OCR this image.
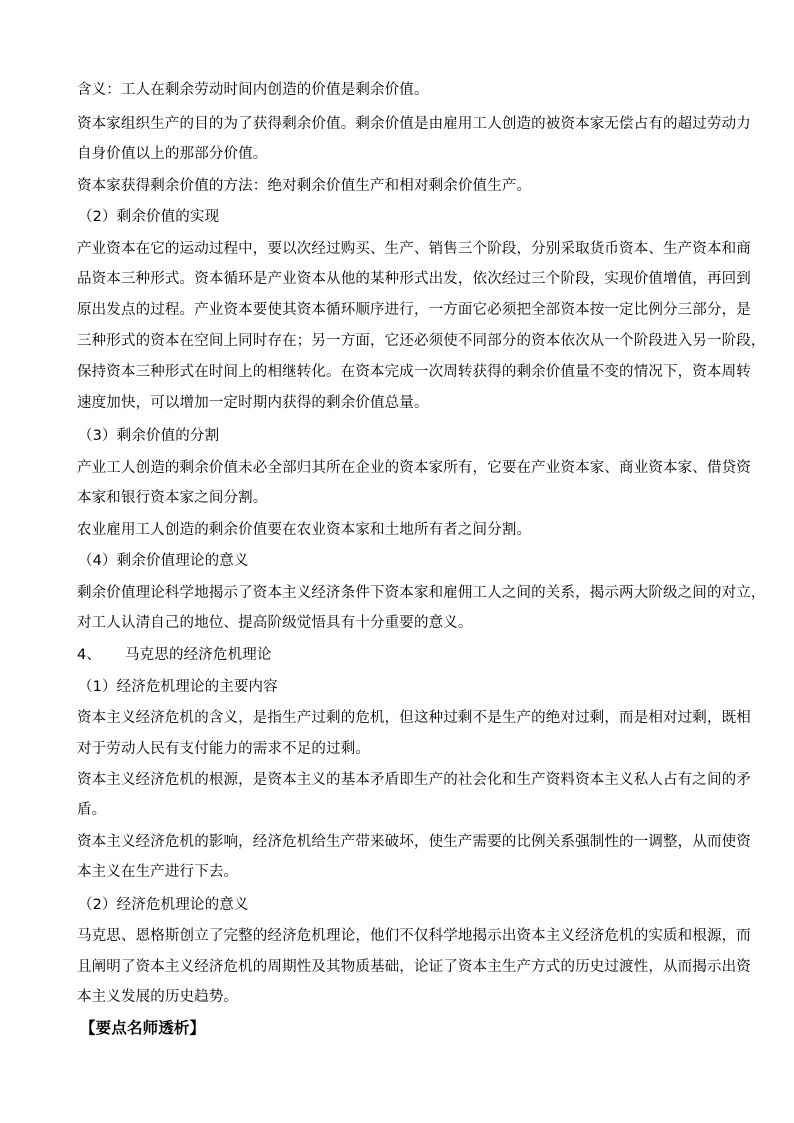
含义：工人在剩余劳动时间内创造的价值是剩余价值。
资本家组织生产的目的为了获得剩余价值。剩余价值是由雇用工人创造的被资本家无偿占有的超过劳动力
自身价值以上的那部分价值。
资本家获得剩余价值的方法：绝对剩余价值生产和相对剩余价值生产。
（2）剩余价值的实现
产业资本在它的运动过程中，要以次经过购买、生产、销售三个阶段，分别采取货币资本、生产资本和商
品资本三种形式。资本循环是产业资本从他的某种形式出发，依次经过三个阶段，实现价值增值，再回到
原出发点的过程。产业资本要使其资本循环顺序进行，一方面它必须把全部资本按一定比例分三部分，是
三种形式的资本在空间上同时存在；另一方面，它还必须使不同部分的资本依次从一个阶段进入另一阶段，
保持资本三种形式在时间上的相继转化。在资本完成一次周转获得的剩余价值量不变的情况下，资本周转
速度加快，可以增加一定时期内获得的剩余价值总量。
（3）剩余价值的分割
产业工人创造的剩余价值未必全部归其所在企业的资本家所有，它要在产业资本家、商业资本家、借贷资
本家和银行资本家之间分割。
农业雇用工人创造的剩余价值要在农业资本家和土地所有者之间分割。
（4）剩余价值理论的意义
剩余价值理论科学地揭示了资本主义经济条件下资本家和雇佣工人之间的关系，揭示两大阶级之间的对立，
对工人认清自己的地位、提高阶级觉悟具有十分重要的意义。
4、 马克思的经济危机理论
（1）经济危机理论的主要内容
资本主义经济危机的含义，是指生产过剩的危机，但这种过剩不是生产的绝对过剩，而是相对过剩，既相
对于劳动人民有支付能力的需求不足的过剩。
资本主义经济危机的根源，是资本主义的基本矛盾即生产的社会化和生产资料资本主义私人占有之间的矛
盾。
资本主义经济危机的影响，经济危机给生产带来破坏，使生产需要的比例关系强制性的一调整，从而使资
本主义在生产进行下去。
（2）经济危机理论的意义
马克思、恩格斯创立了完整的经济危机理论，他们不仅科学地揭示出资本主义经济危机的实质和根源，而
且阐明了资本主义经济危机的周期性及其物质基础，论证了资本主生产方式的历史过渡性，从而揭示出资
本主义发展的历史趋势。
【要点名师透析】
